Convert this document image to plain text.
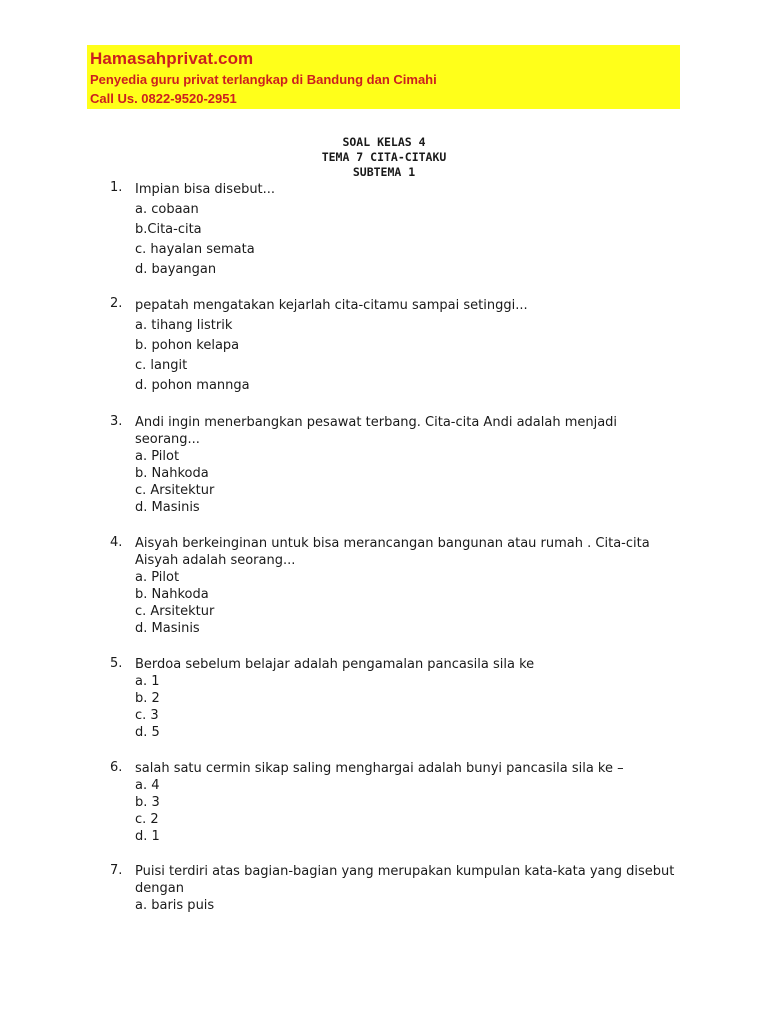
Hamasahprivat.com
Penyedia guru privat terlangkap di Bandung dan Cimahi
Call Us. 0822-9520-2951
SOAL KELAS 4
TEMA 7 CITA-CITAKU
SUBTEMA 1
1. Impian bisa disebut...
a. cobaan
b.Cita-cita
c. hayalan semata
d. bayangan
2. pepatah mengatakan kejarlah cita-citamu sampai setinggi...
a. tihang listrik
b. pohon kelapa
c. langit
d. pohon mannga
3. Andi ingin menerbangkan pesawat terbang. Cita-cita Andi adalah menjadi seorang...
a. Pilot
b. Nahkoda
c. Arsitektur
d. Masinis
4. Aisyah berkeinginan untuk bisa merancangan bangunan atau rumah . Cita-cita Aisyah adalah seorang...
a. Pilot
b. Nahkoda
c. Arsitektur
d. Masinis
5. Berdoa sebelum belajar adalah pengamalan pancasila sila ke
a. 1
b. 2
c. 3
d. 5
6. salah satu cermin sikap saling menghargai adalah bunyi pancasila sila ke –
a. 4
b. 3
c. 2
d. 1
7. Puisi terdiri atas bagian-bagian yang merupakan kumpulan kata-kata yang disebut dengan
a. baris puis
